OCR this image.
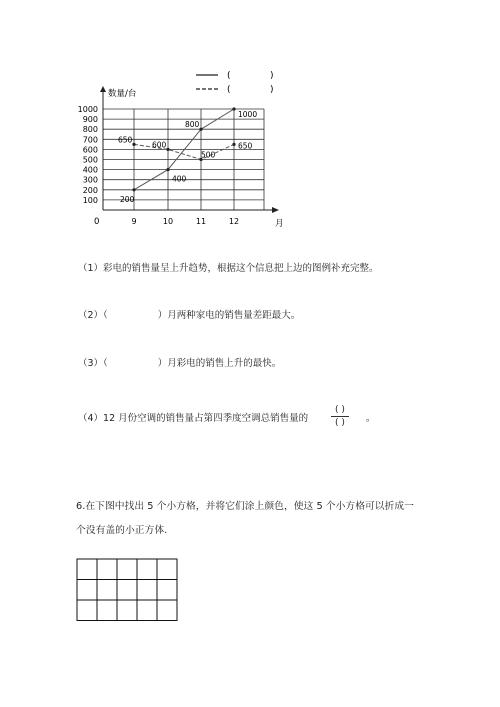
(	)
(	)
数量/台
月
0
100
200
300
400
500
600
700
800
900
1000
9	10	11	12
200
400
800
1000
650
600
500
650
（1）彩电的销售量呈上升趋势，根据这个信息把上边的图例补充完整。
（2）（	）月两种家电的销售量差距最大。
（3）（	）月彩电的销售上升的最快。
（4）12 月份空调的销售量占第四季度空调总销售量的
( )
( )	。
6.在下图中找出 5 个小方格，并将它们涂上颜色，使这 5 个小方格可以折成一
个没有盖的小正方体.
